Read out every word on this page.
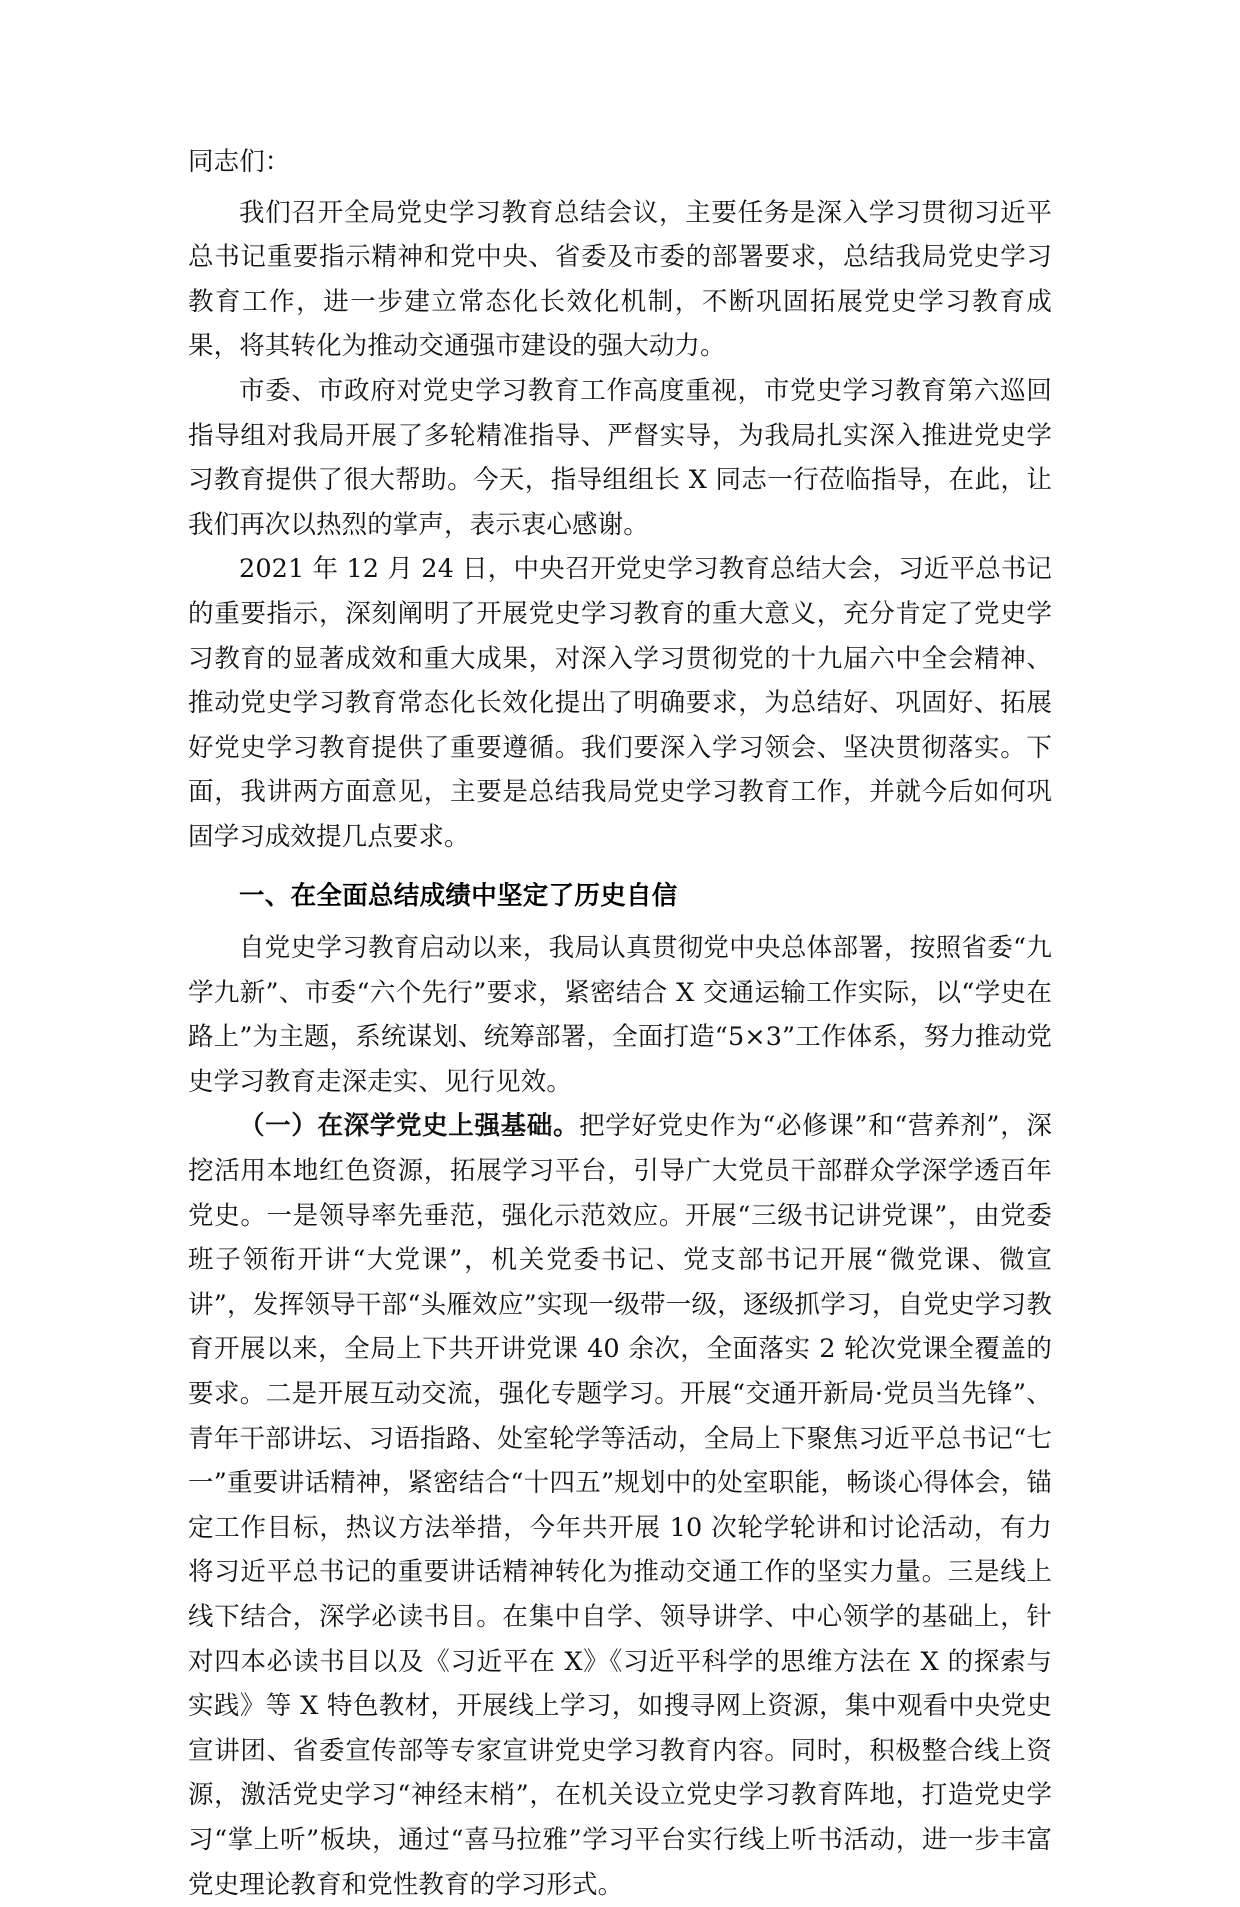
同志们：

我们召开全局党史学习教育总结会议，主要任务是深入学习贯彻习近平总书记重要指示精神和党中央、省委及市委的部署要求，总结我局党史学习教育工作，进一步建立常态化长效化机制，不断巩固拓展党史学习教育成果，将其转化为推动交通强市建设的强大动力。

市委、市政府对党史学习教育工作高度重视，市党史学习教育第六巡回指导组对我局开展了多轮精准指导、严督实导，为我局扎实深入推进党史学习教育提供了很大帮助。今天，指导组组长 X 同志一行莅临指导，在此，让我们再次以热烈的掌声，表示衷心感谢。

2021 年 12 月 24 日，中央召开党史学习教育总结大会，习近平总书记的重要指示，深刻阐明了开展党史学习教育的重大意义，充分肯定了党史学习教育的显著成效和重大成果，对深入学习贯彻党的十九届六中全会精神、推动党史学习教育常态化长效化提出了明确要求，为总结好、巩固好、拓展好党史学习教育提供了重要遵循。我们要深入学习领会、坚决贯彻落实。下面，我讲两方面意见，主要是总结我局党史学习教育工作，并就今后如何巩固学习成效提几点要求。

一、在全面总结成绩中坚定了历史自信

自党史学习教育启动以来，我局认真贯彻党中央总体部署，按照省委“九学九新”、市委“六个先行”要求，紧密结合 X 交通运输工作实际，以“学史在路上”为主题，系统谋划、统筹部署，全面打造“5×3”工作体系，努力推动党史学习教育走深走实、见行见效。

（一）在深学党史上强基础。把学好党史作为“必修课”和“营养剂”，深挖活用本地红色资源，拓展学习平台，引导广大党员干部群众学深学透百年党史。一是领导率先垂范，强化示范效应。开展“三级书记讲党课”，由党委班子领衔开讲“大党课”，机关党委书记、党支部书记开展“微党课、微宣讲”，发挥领导干部“头雁效应”实现一级带一级，逐级抓学习，自党史学习教育开展以来，全局上下共开讲党课 40 余次，全面落实 2 轮次党课全覆盖的要求。二是开展互动交流，强化专题学习。开展“交通开新局·党员当先锋”、青年干部讲坛、习语指路、处室轮学等活动，全局上下聚焦习近平总书记“七一”重要讲话精神，紧密结合“十四五”规划中的处室职能，畅谈心得体会，锚定工作目标，热议方法举措，今年共开展 10 次轮学轮讲和讨论活动，有力将习近平总书记的重要讲话精神转化为推动交通工作的坚实力量。三是线上线下结合，深学必读书目。在集中自学、领导讲学、中心领学的基础上，针对四本必读书目以及《习近平在 X》《习近平科学的思维方法在 X 的探索与实践》等 X 特色教材，开展线上学习，如搜寻网上资源，集中观看中央党史宣讲团、省委宣传部等专家宣讲党史学习教育内容。同时，积极整合线上资源，激活党史学习“神经末梢”，在机关设立党史学习教育阵地，打造党史学习“掌上听”板块，通过“喜马拉雅”学习平台实行线上听书活动，进一步丰富党史理论教育和党性教育的学习形式。
